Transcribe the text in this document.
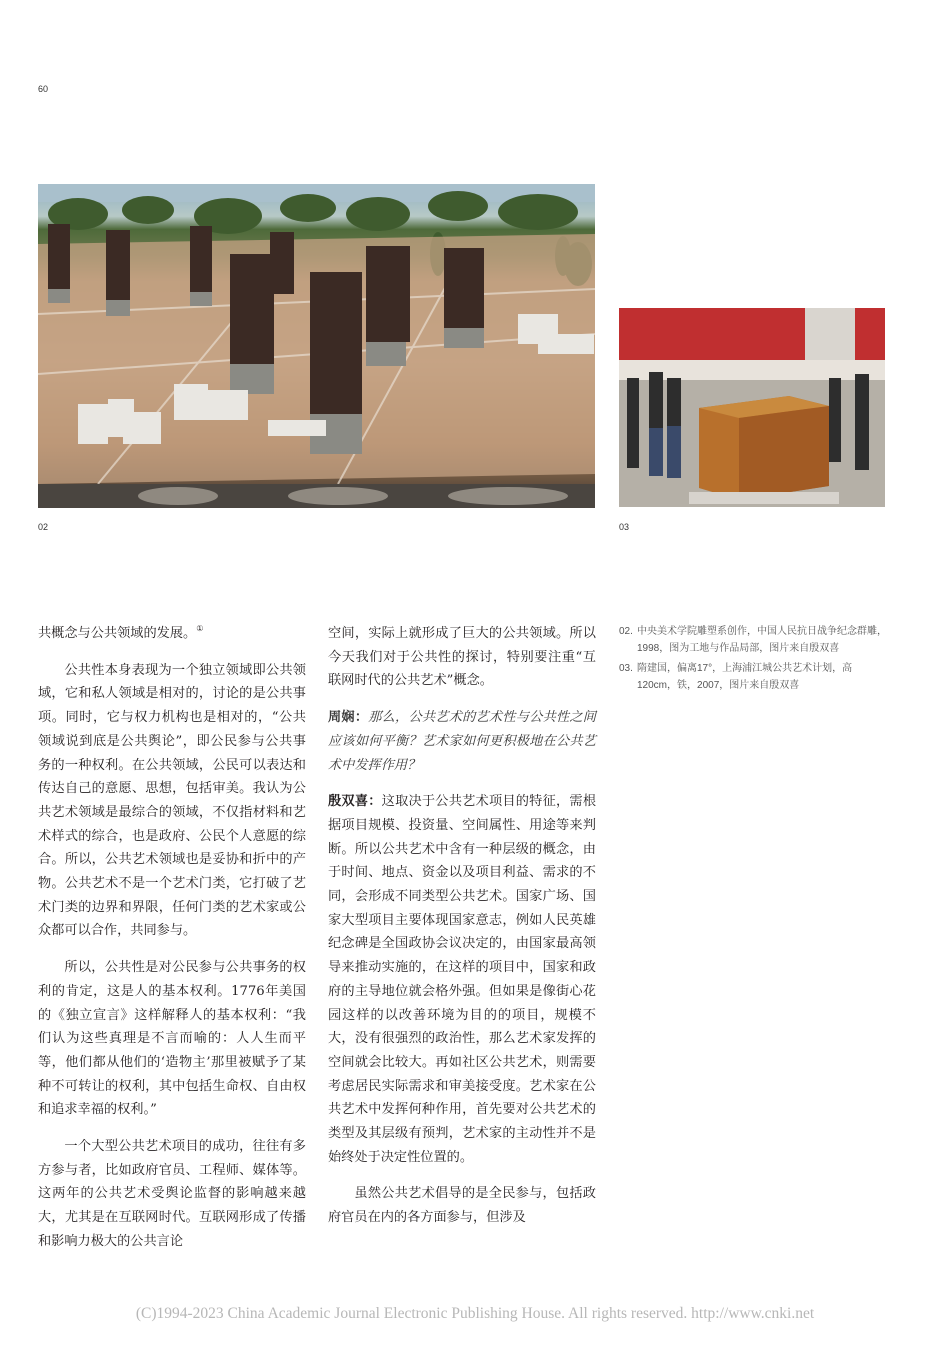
60
02	03

共概念与公共领域的发展。①

公共性本身表现为一个独立领域即公共领域，它和私人领域是相对的，讨论的是公共事项。同时，它与权力机构也是相对的，“公共领域说到底是公共舆论”，即公民参与公共事务的一种权利。在公共领域，公民可以表达和传达自己的意愿、思想，包括审美。我认为公共艺术领域是最综合的领域，不仅指材料和艺术样式的综合，也是政府、公民个人意愿的综合。所以，公共艺术领域也是妥协和折中的产物。公共艺术不是一个艺术门类，它打破了艺术门类的边界和界限，任何门类的艺术家或公众都可以合作，共同参与。

所以，公共性是对公民参与公共事务的权利的肯定，这是人的基本权利。1776年美国的《独立宣言》这样解释人的基本权利：“我们认为这些真理是不言而喻的：人人生而平等，他们都从他们的‘造物主’那里被赋予了某种不可转让的权利，其中包括生命权、自由权和追求幸福的权利。”

一个大型公共艺术项目的成功，往往有多方参与者，比如政府官员、工程师、媒体等。这两年的公共艺术受舆论监督的影响越来越大，尤其是在互联网时代。互联网形成了传播和影响力极大的公共言论

空间，实际上就形成了巨大的公共领域。所以今天我们对于公共性的探讨，特别要注重“互联网时代的公共艺术”概念。

周娴：那么，公共艺术的艺术性与公共性之间应该如何平衡？艺术家如何更积极地在公共艺术中发挥作用？

殷双喜：这取决于公共艺术项目的特征，需根据项目规模、投资量、空间属性、用途等来判断。所以公共艺术中含有一种层级的概念，由于时间、地点、资金以及项目利益、需求的不同，会形成不同类型公共艺术。国家广场、国家大型项目主要体现国家意志，例如人民英雄纪念碑是全国政协会议决定的，由国家最高领导来推动实施的，在这样的项目中，国家和政府的主导地位就会格外强。但如果是像街心花园这样的以改善环境为目的的项目，规模不大，没有很强烈的政治性，那么艺术家发挥的空间就会比较大。再如社区公共艺术，则需要考虑居民实际需求和审美接受度。艺术家在公共艺术中发挥何种作用，首先要对公共艺术的类型及其层级有预判，艺术家的主动性并不是始终处于决定性位置的。

虽然公共艺术倡导的是全民参与，包括政府官员在内的各方面参与，但涉及

02. 中央美术学院雕塑系创作，中国人民抗日战争纪念群雕，1998，图为工地与作品局部，图片来自殷双喜
03. 隋建国，偏离17°，上海浦江城公共艺术计划，高120cm，铁，2007，图片来自殷双喜
(C)1994-2023 China Academic Journal Electronic Publishing House. All rights reserved. http://www.cnki.net
